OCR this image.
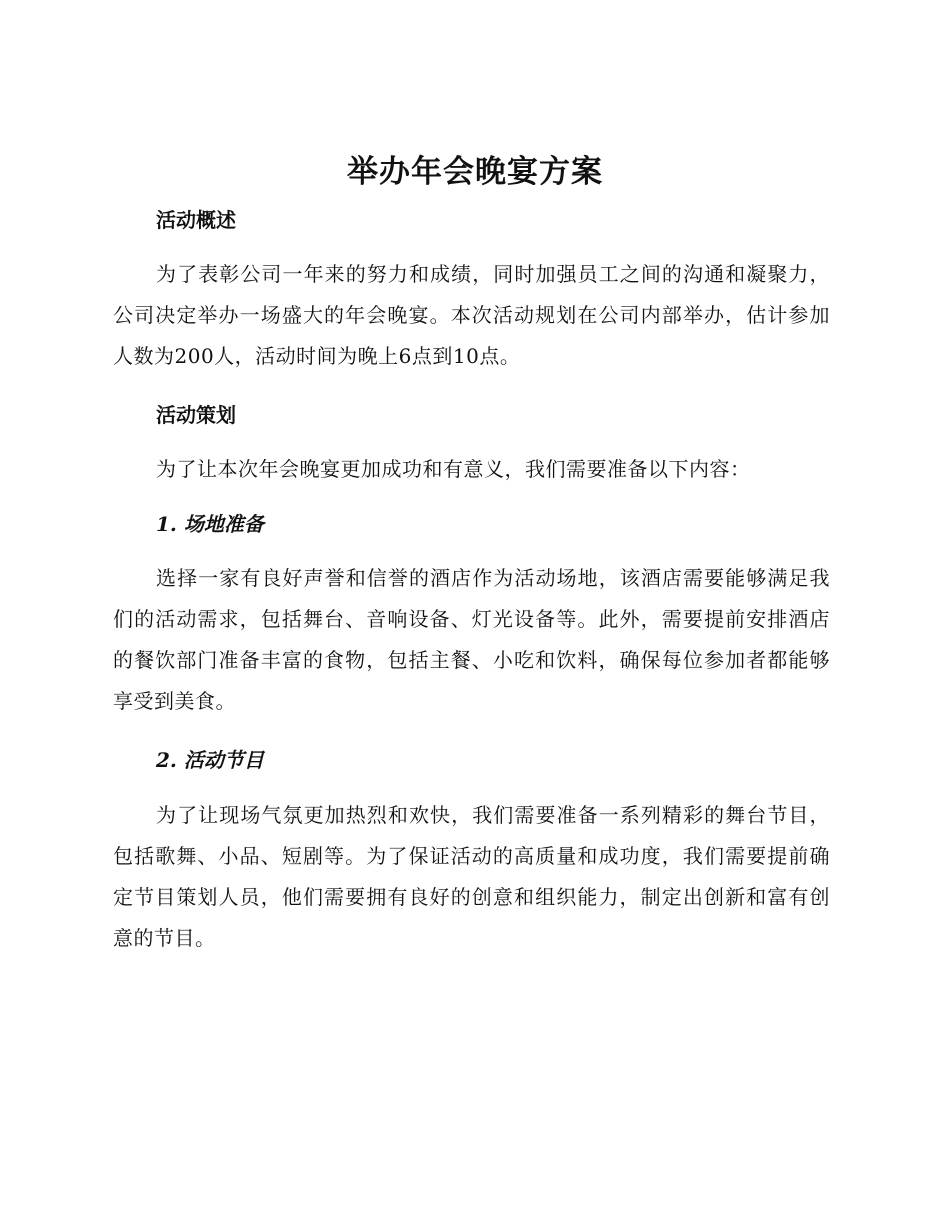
举办年会晚宴方案
活动概述

为了表彰公司一年来的努力和成绩，同时加强员工之间的沟通和凝聚力，公司决定举办一场盛大的年会晚宴。本次活动规划在公司内部举办，估计参加人数为200人，活动时间为晚上6点到10点。

活动策划

为了让本次年会晚宴更加成功和有意义，我们需要准备以下内容：

1. 场地准备

选择一家有良好声誉和信誉的酒店作为活动场地，该酒店需要能够满足我们的活动需求，包括舞台、音响设备、灯光设备等。此外，需要提前安排酒店的餐饮部门准备丰富的食物，包括主餐、小吃和饮料，确保每位参加者都能够享受到美食。

2. 活动节目

为了让现场气氛更加热烈和欢快，我们需要准备一系列精彩的舞台节目，包括歌舞、小品、短剧等。为了保证活动的高质量和成功度，我们需要提前确定节目策划人员，他们需要拥有良好的创意和组织能力，制定出创新和富有创意的节目。
